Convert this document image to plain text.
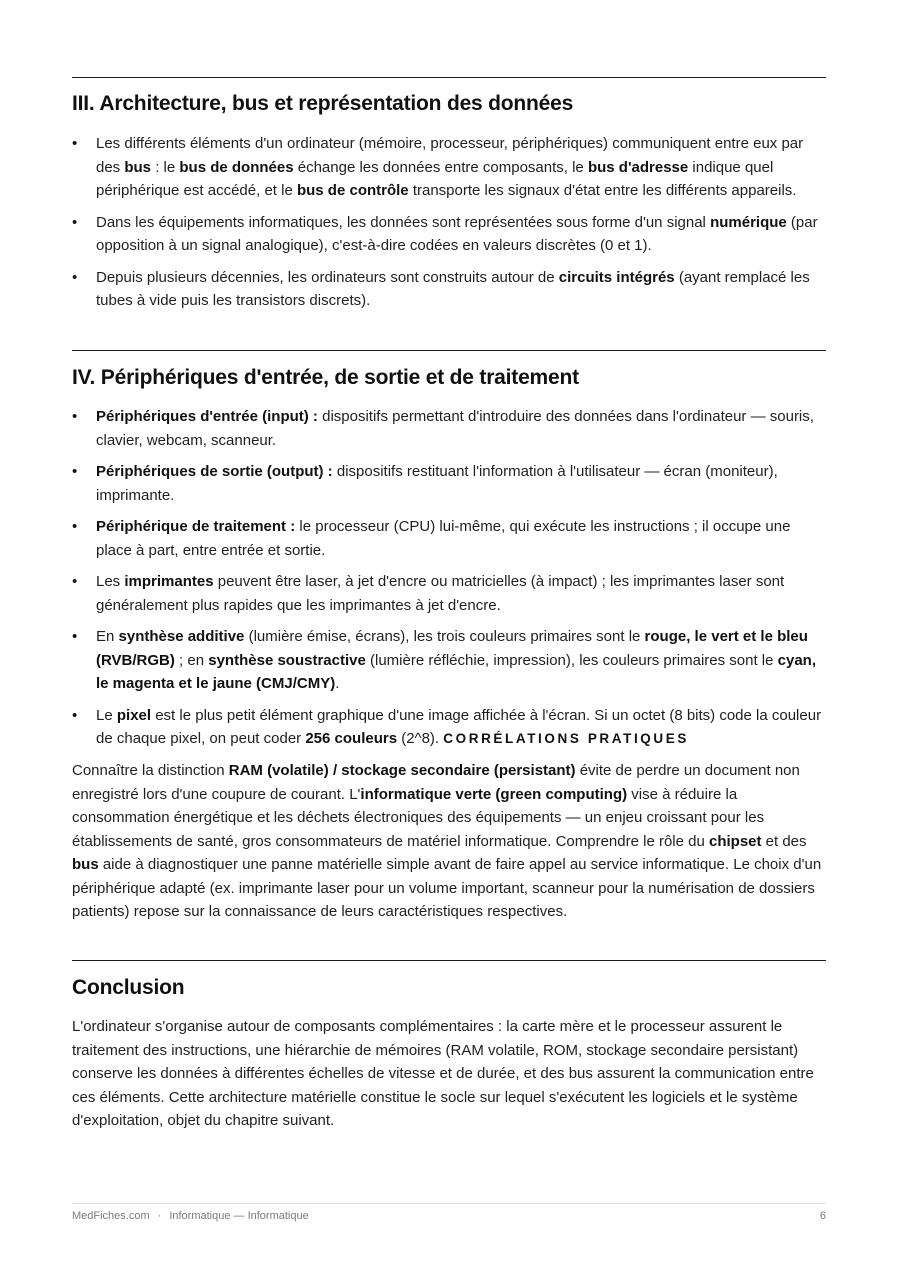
III. Architecture, bus et représentation des données
• Les différents éléments d'un ordinateur (mémoire, processeur, périphériques) communiquent entre eux par des bus : le bus de données échange les données entre composants, le bus d'adresse indique quel périphérique est accédé, et le bus de contrôle transporte les signaux d'état entre les différents appareils.
• Dans les équipements informatiques, les données sont représentées sous forme d'un signal numérique (par opposition à un signal analogique), c'est-à-dire codées en valeurs discrètes (0 et 1).
• Depuis plusieurs décennies, les ordinateurs sont construits autour de circuits intégrés (ayant remplacé les tubes à vide puis les transistors discrets).
IV. Périphériques d'entrée, de sortie et de traitement
• Périphériques d'entrée (input) : dispositifs permettant d'introduire des données dans l'ordinateur — souris, clavier, webcam, scanneur.
• Périphériques de sortie (output) : dispositifs restituant l'information à l'utilisateur — écran (moniteur), imprimante.
• Périphérique de traitement : le processeur (CPU) lui-même, qui exécute les instructions ; il occupe une place à part, entre entrée et sortie.
• Les imprimantes peuvent être laser, à jet d'encre ou matricielles (à impact) ; les imprimantes laser sont généralement plus rapides que les imprimantes à jet d'encre.
• En synthèse additive (lumière émise, écrans), les trois couleurs primaires sont le rouge, le vert et le bleu (RVB/RGB) ; en synthèse soustractive (lumière réfléchie, impression), les couleurs primaires sont le cyan, le magenta et le jaune (CMJ/CMY).
• Le pixel est le plus petit élément graphique d'une image affichée à l'écran. Si un octet (8 bits) code la couleur de chaque pixel, on peut coder 256 couleurs (2^8). CORRÉLATIONS PRATIQUES

Connaître la distinction RAM (volatile) / stockage secondaire (persistant) évite de perdre un document non enregistré lors d'une coupure de courant. L'informatique verte (green computing) vise à réduire la consommation énergétique et les déchets électroniques des équipements — un enjeu croissant pour les établissements de santé, gros consommateurs de matériel informatique. Comprendre le rôle du chipset et des bus aide à diagnostiquer une panne matérielle simple avant de faire appel au service informatique. Le choix d'un périphérique adapté (ex. imprimante laser pour un volume important, scanneur pour la numérisation de dossiers patients) repose sur la connaissance de leurs caractéristiques respectives.

Conclusion

L'ordinateur s'organise autour de composants complémentaires : la carte mère et le processeur assurent le traitement des instructions, une hiérarchie de mémoires (RAM volatile, ROM, stockage secondaire persistant) conserve les données à différentes échelles de vitesse et de durée, et des bus assurent la communication entre ces éléments. Cette architecture matérielle constitue le socle sur lequel s'exécutent les logiciels et le système d'exploitation, objet du chapitre suivant.

MedFiches.com · Informatique — Informatique	6
